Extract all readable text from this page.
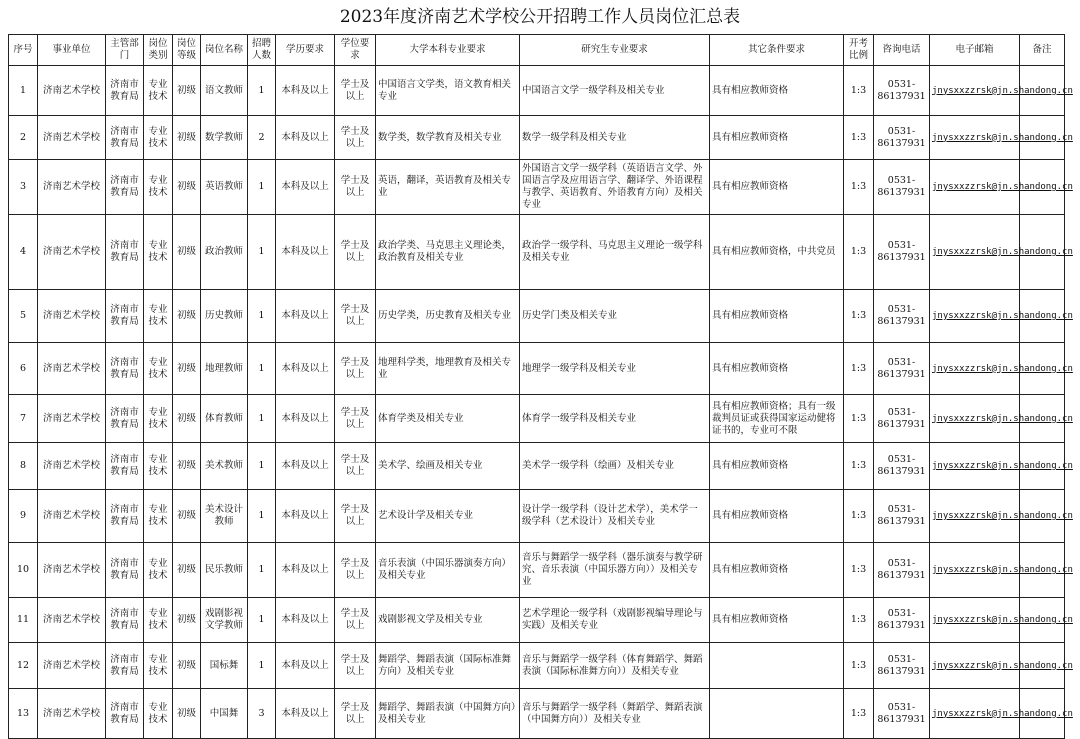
2023年度济南艺术学校公开招聘工作人员岗位汇总表
序号	事业单位	主管部门	岗位类别	岗位等级	岗位名称	招聘人数	学历要求	学位要求	大学本科专业要求	研究生专业要求	其它条件要求	开考比例	咨询电话	电子邮箱	备注
1	济南艺术学校	济南市教育局	专业技术	初级	语文教师	1	本科及以上	学士及以上	中国语言文学类，语文教育相关专业	中国语言文学一级学科及相关专业	具有相应教师资格	1:3	0531-86137931	jnysxxzzrsk@jn.shandong.cn	
2	济南艺术学校	济南市教育局	专业技术	初级	数学教师	2	本科及以上	学士及以上	数学类，数学教育及相关专业	数学一级学科及相关专业	具有相应教师资格	1:3	0531-86137931	jnysxxzzrsk@jn.shandong.cn	
3	济南艺术学校	济南市教育局	专业技术	初级	英语教师	1	本科及以上	学士及以上	英语，翻译，英语教育及相关专业	外国语言文学一级学科（英语语言文学、外国语言学及应用语言学、翻译学、外语课程与教学、英语教育、外语教育方向）及相关专业	具有相应教师资格	1:3	0531-86137931	jnysxxzzrsk@jn.shandong.cn	
4	济南艺术学校	济南市教育局	专业技术	初级	政治教师	1	本科及以上	学士及以上	政治学类、马克思主义理论类，政治教育及相关专业	政治学一级学科、马克思主义理论一级学科及相关专业	具有相应教师资格，中共党员	1:3	0531-86137931	jnysxxzzrsk@jn.shandong.cn	
5	济南艺术学校	济南市教育局	专业技术	初级	历史教师	1	本科及以上	学士及以上	历史学类，历史教育及相关专业	历史学门类及相关专业	具有相应教师资格	1:3	0531-86137931	jnysxxzzrsk@jn.shandong.cn	
6	济南艺术学校	济南市教育局	专业技术	初级	地理教师	1	本科及以上	学士及以上	地理科学类，地理教育及相关专业	地理学一级学科及相关专业	具有相应教师资格	1:3	0531-86137931	jnysxxzzrsk@jn.shandong.cn	
7	济南艺术学校	济南市教育局	专业技术	初级	体育教师	1	本科及以上	学士及以上	体育学类及相关专业	体育学一级学科及相关专业	具有相应教师资格；具有一级裁判员证或获得国家运动健将证书的，专业可不限	1:3	0531-86137931	jnysxxzzrsk@jn.shandong.cn	
8	济南艺术学校	济南市教育局	专业技术	初级	美术教师	1	本科及以上	学士及以上	美术学、绘画及相关专业	美术学一级学科（绘画）及相关专业	具有相应教师资格	1:3	0531-86137931	jnysxxzzrsk@jn.shandong.cn	
9	济南艺术学校	济南市教育局	专业技术	初级	美术设计教师	1	本科及以上	学士及以上	艺术设计学及相关专业	设计学一级学科（设计艺术学），美术学一级学科（艺术设计）及相关专业	具有相应教师资格	1:3	0531-86137931	jnysxxzzrsk@jn.shandong.cn	
10	济南艺术学校	济南市教育局	专业技术	初级	民乐教师	1	本科及以上	学士及以上	音乐表演（中国乐器演奏方向）及相关专业	音乐与舞蹈学一级学科（器乐演奏与教学研究、音乐表演（中国乐器方向））及相关专业	具有相应教师资格	1:3	0531-86137931	jnysxxzzrsk@jn.shandong.cn	
11	济南艺术学校	济南市教育局	专业技术	初级	戏剧影视文学教师	1	本科及以上	学士及以上	戏剧影视文学及相关专业	艺术学理论一级学科（戏剧影视编导理论与实践）及相关专业	具有相应教师资格	1:3	0531-86137931	jnysxxzzrsk@jn.shandong.cn	
12	济南艺术学校	济南市教育局	专业技术	初级	国标舞	1	本科及以上	学士及以上	舞蹈学、舞蹈表演（国际标准舞方向）及相关专业	音乐与舞蹈学一级学科（体育舞蹈学、舞蹈表演（国际标准舞方向））及相关专业		1:3	0531-86137931	jnysxxzzrsk@jn.shandong.cn	
13	济南艺术学校	济南市教育局	专业技术	初级	中国舞	3	本科及以上	学士及以上	舞蹈学、舞蹈表演（中国舞方向）及相关专业	音乐与舞蹈学一级学科（舞蹈学、舞蹈表演（中国舞方向））及相关专业		1:3	0531-86137931	jnysxxzzrsk@jn.shandong.cn	
